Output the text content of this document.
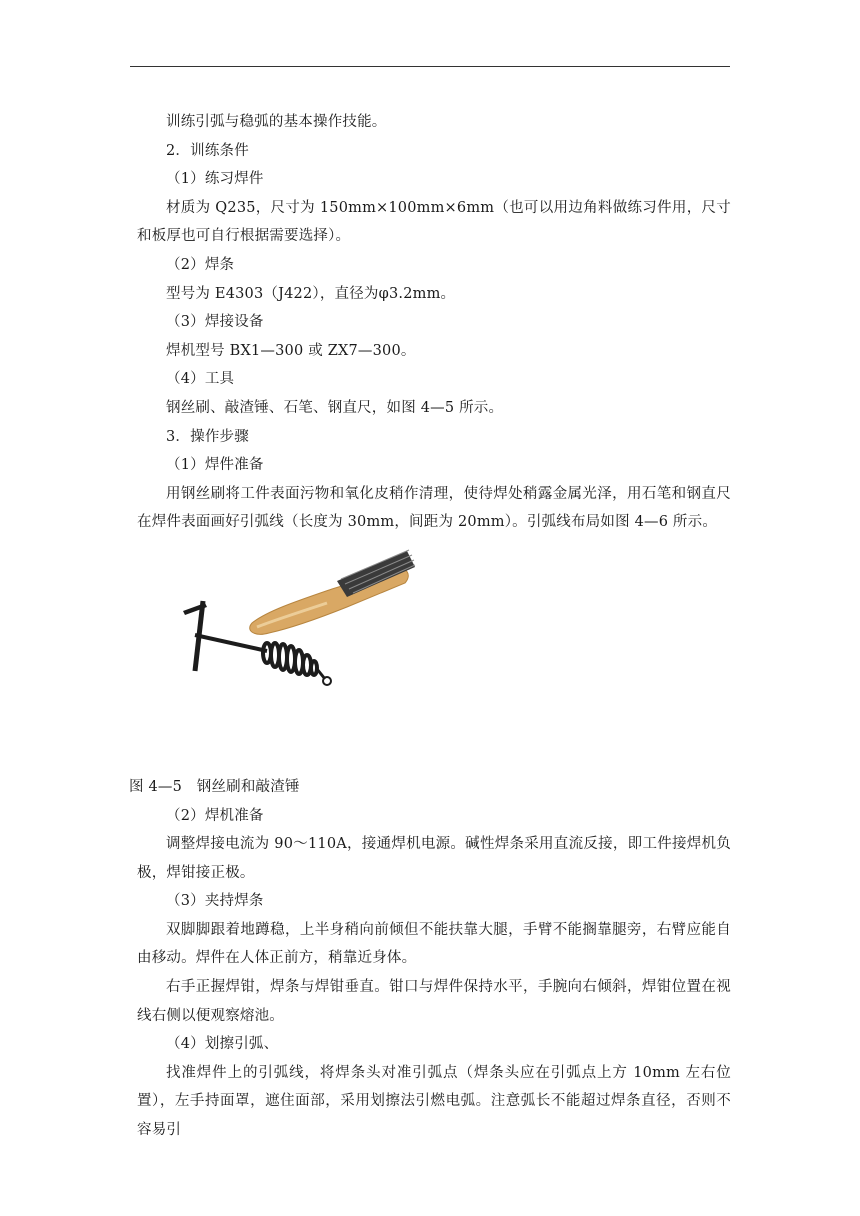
训练引弧与稳弧的基本操作技能。

2．训练条件

（1）练习焊件

材质为 Q235，尺寸为 150mm×100mm×6mm（也可以用边角料做练习件用，尺寸和板厚也可自行根据需要选择）。

（2）焊条

型号为 E4303（J422），直径为φ3.2mm。

（3）焊接设备

焊机型号 BX1—300 或 ZX7—300。

（4）工具

钢丝刷、敲渣锤、石笔、钢直尺，如图 4—5 所示。

3．操作步骤

（1）焊件准备

用钢丝刷将工件表面污物和氧化皮稍作清理，使待焊处稍露金属光泽，用石笔和钢直尺在焊件表面画好引弧线（长度为 30mm，间距为 20mm）。引弧线布局如图 4—6 所示。

图 4—5　钢丝刷和敲渣锤

（2）焊机准备

调整焊接电流为 90～110A，接通焊机电源。碱性焊条采用直流反接，即工件接焊机负极，焊钳接正极。

（3）夹持焊条

双脚脚跟着地蹲稳，上半身稍向前倾但不能扶靠大腿，手臂不能搁靠腿旁，右臂应能自由移动。焊件在人体正前方，稍靠近身体。

右手正握焊钳，焊条与焊钳垂直。钳口与焊件保持水平，手腕向右倾斜，焊钳位置在视线右侧以便观察熔池。

（4）划擦引弧、

找准焊件上的引弧线，将焊条头对准引弧点（焊条头应在引弧点上方 10mm 左右位置），左手持面罩，遮住面部，采用划擦法引燃电弧。注意弧长不能超过焊条直径，否则不容易引
